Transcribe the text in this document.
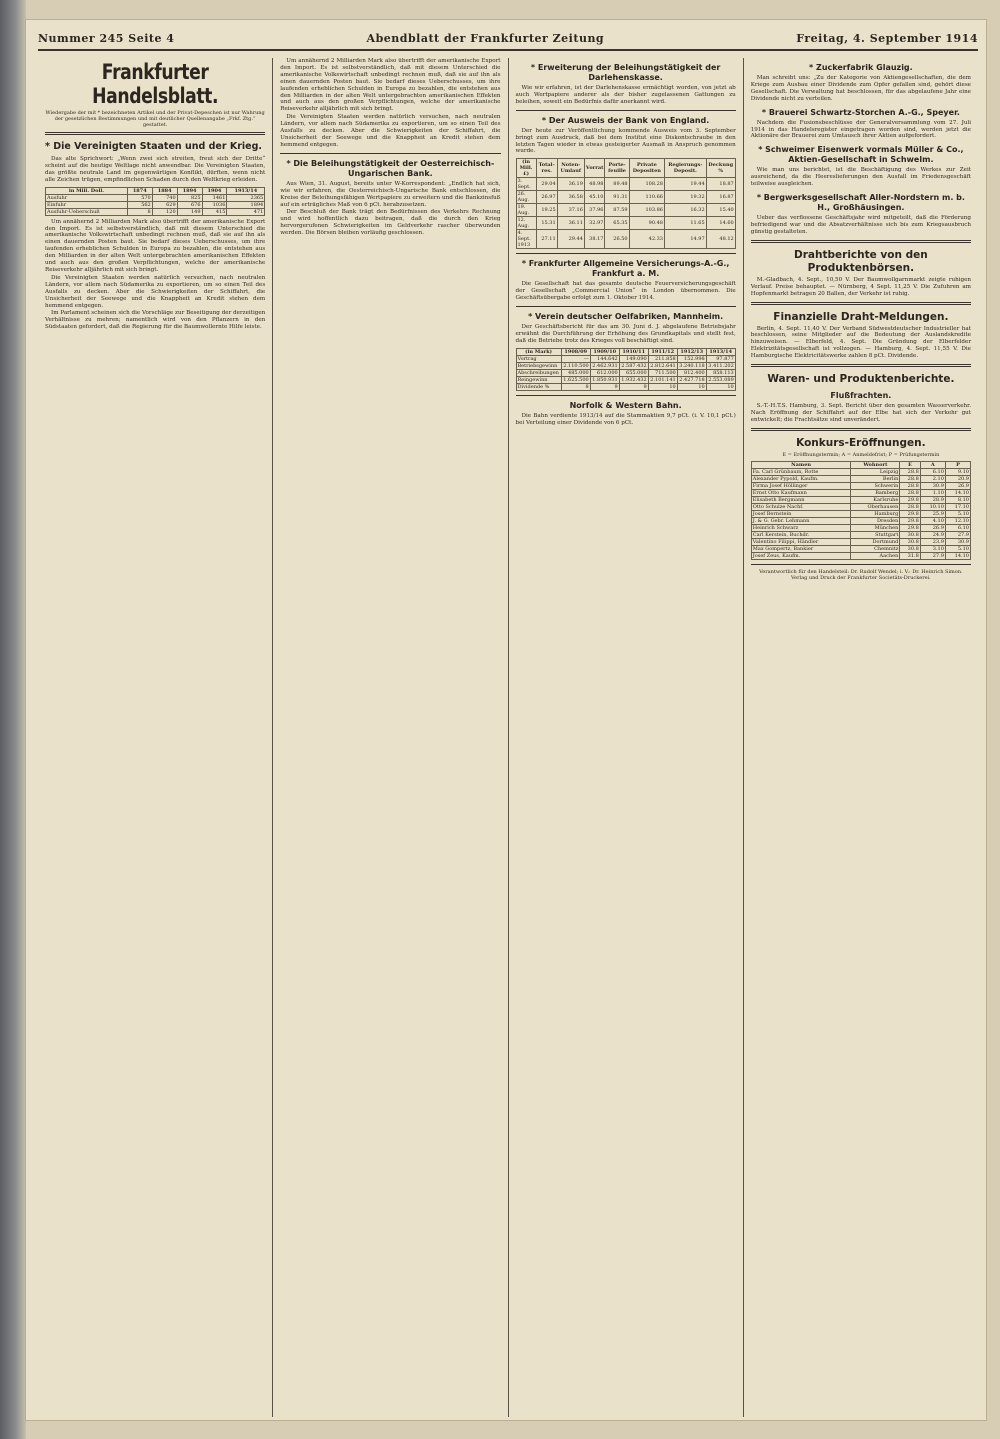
Nummer 245 Seite 4	Abendblatt der Frankfurter Zeitung	Freitag, 4. September 1914
Frankfurter Handelsblatt.
Wiedergabe der mit * bezeichneten Artikel und der Privat-Depeschen ist nur Wahrung der gesetzlichen Bestimmungen und mit deutlicher Quellenangabe „Frkf. Ztg.“ gestattet.
* Die Vereinigten Staaten und der Krieg.

Das alte Sprichwort: „Wenn zwei sich streiten, freut sich der Dritte“ scheint auf die heutige Weltlage nicht anwendbar. Die Vereinigten Staaten, das größte neutrale Land im gegenwärtigen Konflikt, dürften, wenn nicht alle Zeichen trügen, empfindlichen Schaden durch den Weltkrieg erleiden.

in Mill. Doll.	1874	1884	1894	1904	1913/14
Ausfuhr	570	740	825	1461	2365
Einfuhr	562	629	676	1036	1894
Ausfuhr-Ueberschuß	8	120	149	415	471

Um annähernd 2 Milliarden Mark also übertrifft der amerikanische Export den Import. Es ist selbstverständlich, daß mit diesem Unterschied die amerikanische Volkswirtschaft unbedingt rechnen muß, daß sie auf ihn als einen dauernden Posten baut. Sie bedarf dieses Ueberschusses, um ihre laufenden erheblichen Schulden in Europa zu bezahlen, die entstehen aus den Milliarden in der alten Welt untergebrachten amerikanischen Effekten und auch aus den großen Verpflichtungen, welche der amerikanische Reiseverkehr alljährlich mit sich bringt.

Die Vereinigten Staaten werden natürlich versuchen, nach neutralen Ländern, vor allem nach Südamerika zu exportieren, um so einen Teil des Ausfalls zu decken. Aber die Schwierigkeiten der Schiffahrt, die Unsicherheit der Seewege und die Knappheit an Kredit stehen dem hemmend entgegen.

Im Parlament scheinen sich die Vorschläge zur Beseitigung der derzeitigen Verhältnisse zu mehren; namentlich wird von den Pflanzern in den Südstaaten gefordert, daß die Regierung für die Baumwollernte Hilfe leiste.

Um annähernd 2 Milliarden Mark also übertrifft der amerikanische Export den Import. Es ist selbstverständlich, daß mit diesem Unterschied die amerikanische Volkswirtschaft unbedingt rechnen muß, daß sie auf ihn als einen dauernden Posten baut. Sie bedarf dieses Ueberschusses, um ihre laufenden erheblichen Schulden in Europa zu bezahlen, die entstehen aus den Milliarden in der alten Welt untergebrachten amerikanischen Effekten und auch aus den großen Verpflichtungen, welche der amerikanische Reiseverkehr alljährlich mit sich bringt.

Die Vereinigten Staaten werden natürlich versuchen, nach neutralen Ländern, vor allem nach Südamerika zu exportieren, um so einen Teil des Ausfalls zu decken. Aber die Schwierigkeiten der Schiffahrt, die Unsicherheit der Seewege und die Knappheit an Kredit stehen dem hemmend entgegen.

* Die Beleihungstätigkeit der Oesterreichisch-Ungarischen Bank.

Aus Wien, 31. August, bereits unter W-Korrespondent: „Endlich hat sich, wie wir erfahren, die Oesterreichisch-Ungarische Bank entschlossen, die Kreise der Beleihungsfähigen Wertpapiere zu erweitern und die Bankzinsfuß auf ein erträgliches Maß von 6 pCt. herabzusetzen.

Der Beschluß der Bank trägt den Bedürfnissen des Verkehrs Rechnung und wird hoffentlich dazu beitragen, daß die durch den Krieg hervorgerufenen Schwierigkeiten im Geldverkehr rascher überwunden werden. Die Börsen bleiben vorläufig geschlossen.

* Erweiterung der Beleihungstätigkeit der Darlehenskasse.

Wie wir erfahren, ist der Darlehenskasse ermächtigt worden, von jetzt ab auch Wertpapiere anderer als der bisher zugelassenen Gattungen zu beleihen, soweit ein Bedürfnis dafür anerkannt wird.

* Der Ausweis der Bank von England.

Der heute zur Veröffentlichung kommende Ausweis vom 3. September bringt zum Ausdruck, daß bei dem Institut eine Diskontschraube in den letzten Tagen wieder in etwas gesteigerter Ausmaß in Anspruch genommen wurde.

(in Mill. £)	Total-res.	Noten-Umlauf	Vorrat	Porte-feuille	Private Depositen	Regierungs-Deposit.	Deckung %
3. Sept.	29.04	36.19	48.98	89.48	108.28	19.44	18.87
26. Aug.	26.97	36.58	45.10	91.31	110.66	19.32	16.87
19. Aug.	19.25	37.16	37.96	87.59	103.86	16.32	15.40
12. Aug.	15.31	36.11	32.97	65.35	90.48	11.65	14.60
4. Sept. 1913	27.11	29.44	38.17	26.50	42.33	14.97	48.12
* Frankfurter Allgemeine Versicherungs-A.-G., Frankfurt a. M.

Die Gesellschaft hat das gesamte deutsche Feuerversicherungsgeschäft der Gesellschaft „Commercial Union“ in London übernommen. Die Geschäftsübergabe erfolgt zum 1. Oktober 1914.

* Verein deutscher Oelfabriken, Mannheim.

Der Geschäftsbericht für das am 30. Juni d. J. abgelaufene Betriebsjahr erwähnt die Durchführung der Erhöhung des Grundkapitals und stellt fest, daß die Betriebe trotz des Krieges voll beschäftigt sind.

(in Mark)	1908/09	1909/10	1910/11	1911/12	1912/13	1913/14
Vortrag	—	144.642	149.090	211.858	152.998	97.877
Betriebsgewinn	2.110.500	2.462.931	2.587.432	2.812.641	3.240.118	3.411.202
Abschreibungen	485.000	612.000	655.000	711.500	812.400	858.113
Reingewinn	1.625.500	1.850.931	1.932.432	2.101.141	2.427.718	2.553.089
Dividende %	8	9	9	10	10	10
Norfolk & Western Bahn.

Die Bahn verdiente 1913/14 auf die Stammaktien 9,7 pCt. (i. V. 10,1 pCt.) bei Verteilung einer Dividende von 6 pCt.

* Zuckerfabrik Glauzig.

Man schreibt uns: „Zu der Kategorie von Aktiengesellschaften, die dem Kriege zum Ausbau einer Dividende zum Opfer gefallen sind, gehört diese Gesellschaft. Die Verwaltung hat beschlossen, für das abgelaufene Jahr eine Dividende nicht zu verteilen.

* Brauerei Schwartz-Storchen A.-G., Speyer.

Nachdem die Fusionsbeschlüsse der Generalversammlung vom 27. Juli 1914 in das Handelsregister eingetragen worden sind, werden jetzt die Aktionäre der Brauerei zum Umtausch ihrer Aktien aufgefordert.

* Schweimer Eisenwerk vormals Müller & Co., Aktien-Gesellschaft in Schwelm.

Wie man uns berichtet, ist die Beschäftigung des Werkes zur Zeit ausreichend, da die Heereslieferungen den Ausfall im Friedensgeschäft teilweise ausgleichen.

* Bergwerksgesellschaft Aller-Nordstern m. b. H., Großhäusingen.

Ueber das verflossene Geschäftsjahr wird mitgeteilt, daß die Förderung befriedigend war und die Absatzverhältnisse sich bis zum Kriegsausbruch günstig gestalteten.

Drahtberichte von den Produktenbörsen.

M.-Gladbach, 4. Sept., 10,50 V. Der Baumwollgarnmarkt zeigte ruhigen Verlauf. Preise behauptet. — Nürnberg, 4 Sept. 11,25 V. Die Zufuhren am Hopfenmarkt betragen 20 Ballen, der Verkehr ist ruhig.

Finanzielle Draht-Meldungen.

Berlin, 4. Sept. 11,40 V. Der Verband Südwestdeutscher Industrieller hat beschlossen, seine Mitglieder auf die Bedeutung der Auslandskredite hinzuweisen. — Elberfeld, 4. Sept. Die Gründung der Elberfelder Elektrizitätsgesellschaft ist vollzogen. — Hamburg, 4. Sept. 11,55 V. Die Hamburgische Elektricitätswerke zahlen 8 pCt. Dividende.

Waren- und Produktenberichte.
Flußfrachten.

S.-T.-H.T.S. Hamburg, 3. Sept. Bericht über den gesamten Wasserverkehr. Nach Eröffnung der Schiffahrt auf der Elbe hat sich der Verkehr gut entwickelt; die Frachtsätze sind unverändert.

Konkurs-Eröffnungen.
E = Eröffnungstermin; A = Anmeldefrist; P = Prüfungstermin
Namen	Wohnort	E	A	P
Fa. Carl Grünbaum, Rotte	Leipzig	28.8	6.10	9.10
Alexander Pypold, Kaufm.	Berlin	28.8	2.10	20.9
Firma Josef Höllinger	Schwerin	28.8	30.9	26.9
Ernst Otto Kaufmann	Bamberg	28.8	1.10	14.10
Elisabeth Bergmann	Karlsruhe	29.8	28.9	8.10
Otto Schulze Nachf.	Oberhausen	28.8	10.10	17.10
Josef Bernstein	Hamburg	29.8	25.9	5.10
J. & G. Gebr. Lehmann	Dresden	29.8	4.10	12.10
Heinrich Schwarz	München	29.8	26.9	6.10
Carl Kerstein, Buchdr.	Stuttgart	30.8	24.9	27.9
Valentino Filippi, Händler	Dortmund	30.8	23.9	30.9
Max Gompertz, Bankier	Chemnitz	30.8	3.10	5.10
Josef Zeus, Kaufm.	Aachen	31.8	27.9	14.10
Verantwortlich für den Handelsteil: Dr. Rudolf Wendel; i. V.: Dr. Heinrich Simon. Verlag und Druck der Frankfurter Societäts-Druckerei.
